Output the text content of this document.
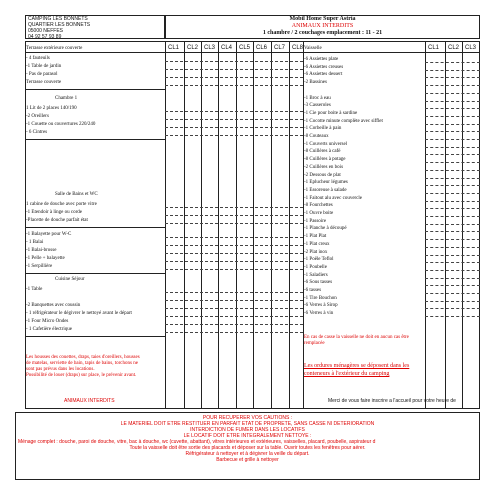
CAMPING LES BONNETS
QUARTIER LES BONNETS
05000 NEFFES
04 92 57 93 89
Mobil Home Super Astria
ANIMAUX INTERDITS
1 chambre / 2 couchages emplacement : 11 - 21
CL1	CL2 CL3 CL4	CL5 CL6	CL7	CL8	CL1	CL2 CL3
Terrasse extérieure couverte
- 4 fauteuils
-1 Table de jardin
- Pas de parasol
Terrasse couverte
Chambre 1
1 Lit de 2 places 140/190
-2 Oreillers
-1 Couette ou couvertures 220/240
- 6 Cintres
Salle de Bains et WC
1 cabine de douche avec porte vitre
-1 Etendoir à linge ou corde
-Placette de douche parfait état
-1 Balayette pour W-C
- 1 Balai
-1 Balai-brosse
-1 Pelle + balayette
-1 Serpillière
Cuisine Séjour
-1 Table
-2 Banquettes avec coussin
- 1 réfrigérateur le dégivrer le nettoyé avant le départ
-1 Four Micro Ondes
- 1 Cafetière électrique
Vaisselle
-6 Assiettes plate
-6 Assiettes creuses
-6 Assiettes dessert
-2 Bassines
-1 Broc à eau
-3 Casseroles
-1 Cie pour boite à sardine
-1 Cocotte minute complète avec sifflet
-1 Corbeille à pain
-8 Couteaux
-1 Couverts universel
-8 Cuillères à café
-8 Cuillères à potage
-2 Cuillères en bois
-2 Dessous de plat
-1 Eplucheur légumes
-1 Essoreuse à salade
-1 Faitout alu avec couvercle
-8 Fourchettes
-1 Ouvre boite
-1 Passoire
-1 Planche à découpé
-1 Plat Plat
-1 Plat creux
-2 Plat inox
-1 Poêle Teflol
-1 Poubelle
-1 Saladiers
-6 Sous tasses
-6 tasses
-1 Tire Bouchon
-6 Verres à Sirop
-6 Verres à vin
Les housses des couettes, draps, taies d'oreillers, housses
de matelas, serviette de bain, tapis de bains, torchons ne
sont pas prévus dans les locations.
Possibilité de louer (draps) sur place, le prévenir avant.
ANIMAUX INTERDITS
En cas de casse la vaisselle ne doit en aucun cas être
remplacée
Les ordures ménagères se déposent dans les
conteneurs à l'extérieur du camping
Merci de vous faire inscrire a l'accueil pour votre heure de
POUR RECUPERER VOS CAUTIONS :
LE MATERIEL DOIT ETRE RESTITUER EN PARFAIT ETAT DE PROPRETE, SANS CASSE NI DETERIORATION
INTERDICTION DE FUMER DANS LES LOCATIFS
LE LOCATIF DOIT ETRE INTEGRALEMENT NETTOYE :
Ménage complet : douche, paroi de douche, vitre, bac à douche, wc (cuvette, abattant), vitres intérieures et extérieures, vaisselles, placard, poubelle, aspirateur d
Toute la vaisselle doit être sortie des placards et déposer sur la table. Ouvrir toutes les fenêtres pour aérer.
Réfrigérateur à nettoyer et à dégivrer la veille du départ.
Barbecue et grille à nettoyer
